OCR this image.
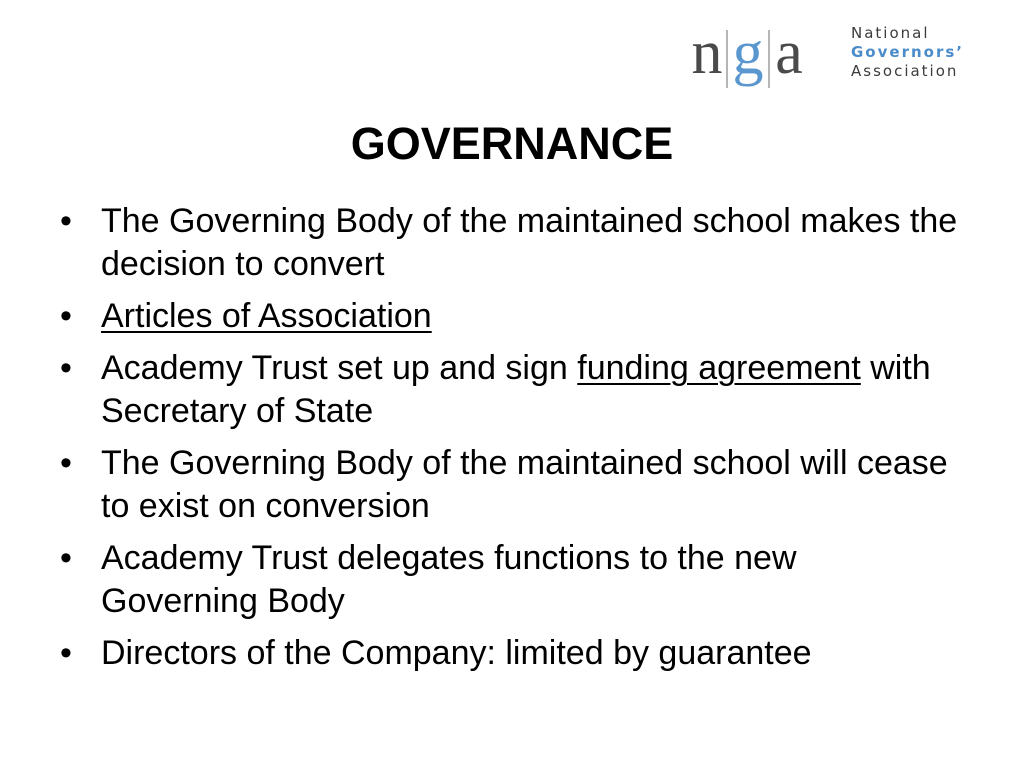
n g a	National
Governors’
Association
GOVERNANCE
• The Governing Body of the maintained school makes the decision to convert
• Articles of Association
• Academy Trust set up and sign funding agreement with Secretary of State
• The Governing Body of the maintained school will cease to exist on conversion
• Academy Trust delegates functions to the new Governing Body
• Directors of the Company: limited by guarantee
